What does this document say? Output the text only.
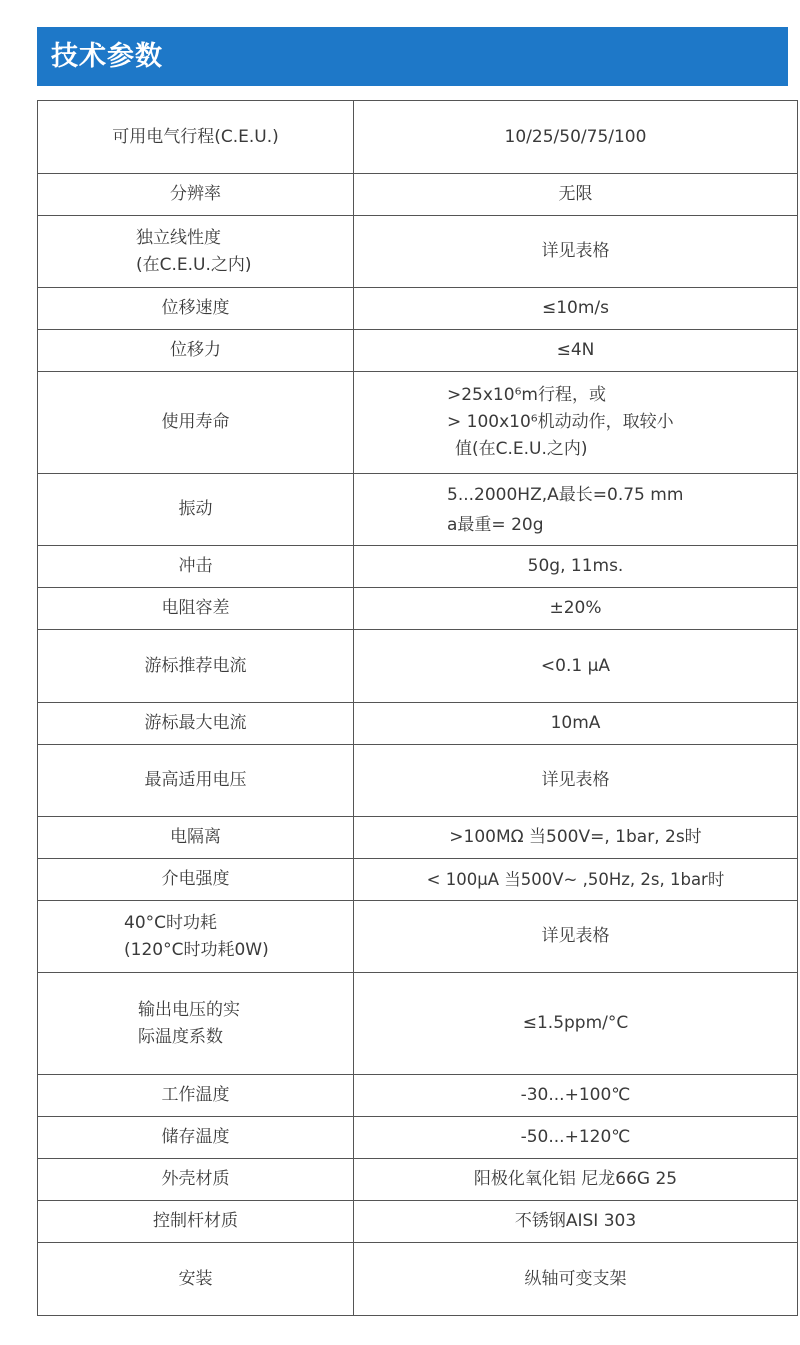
技术参数
可用电气行程(C.E.U.)	10/25/50/75/100

分辨率	无限

独立线性度
(在C.E.U.之内)	详见表格

位移速度	≤10m/s

位移力	≤4N

使用寿命	>25x10⁶m行程，或
> 100x10⁶机动动作，取较小
值(在C.E.U.之内)

振动	5...2000HZ,A最长=0.75 mm
a最重= 20g

冲击	50g, 11ms.

电阻容差	±20%

游标推荐电流	<0.1 μA

游标最大电流	10mA

最高适用电压	详见表格

电隔离	>100MΩ 当500V=, 1bar, 2s时

介电强度	< 100μA 当500V~ ,50Hz, 2s, 1bar时

40°C时功耗
(120°C时功耗0W)	详见表格

输出电压的实
际温度系数	≤1.5ppm/°C

工作温度	-30...+100℃

储存温度	-50...+120℃

外壳材质	阳极化氧化铝 尼龙66G 25

控制杆材质	不锈钢AISI 303

安装	纵轴可变支架
